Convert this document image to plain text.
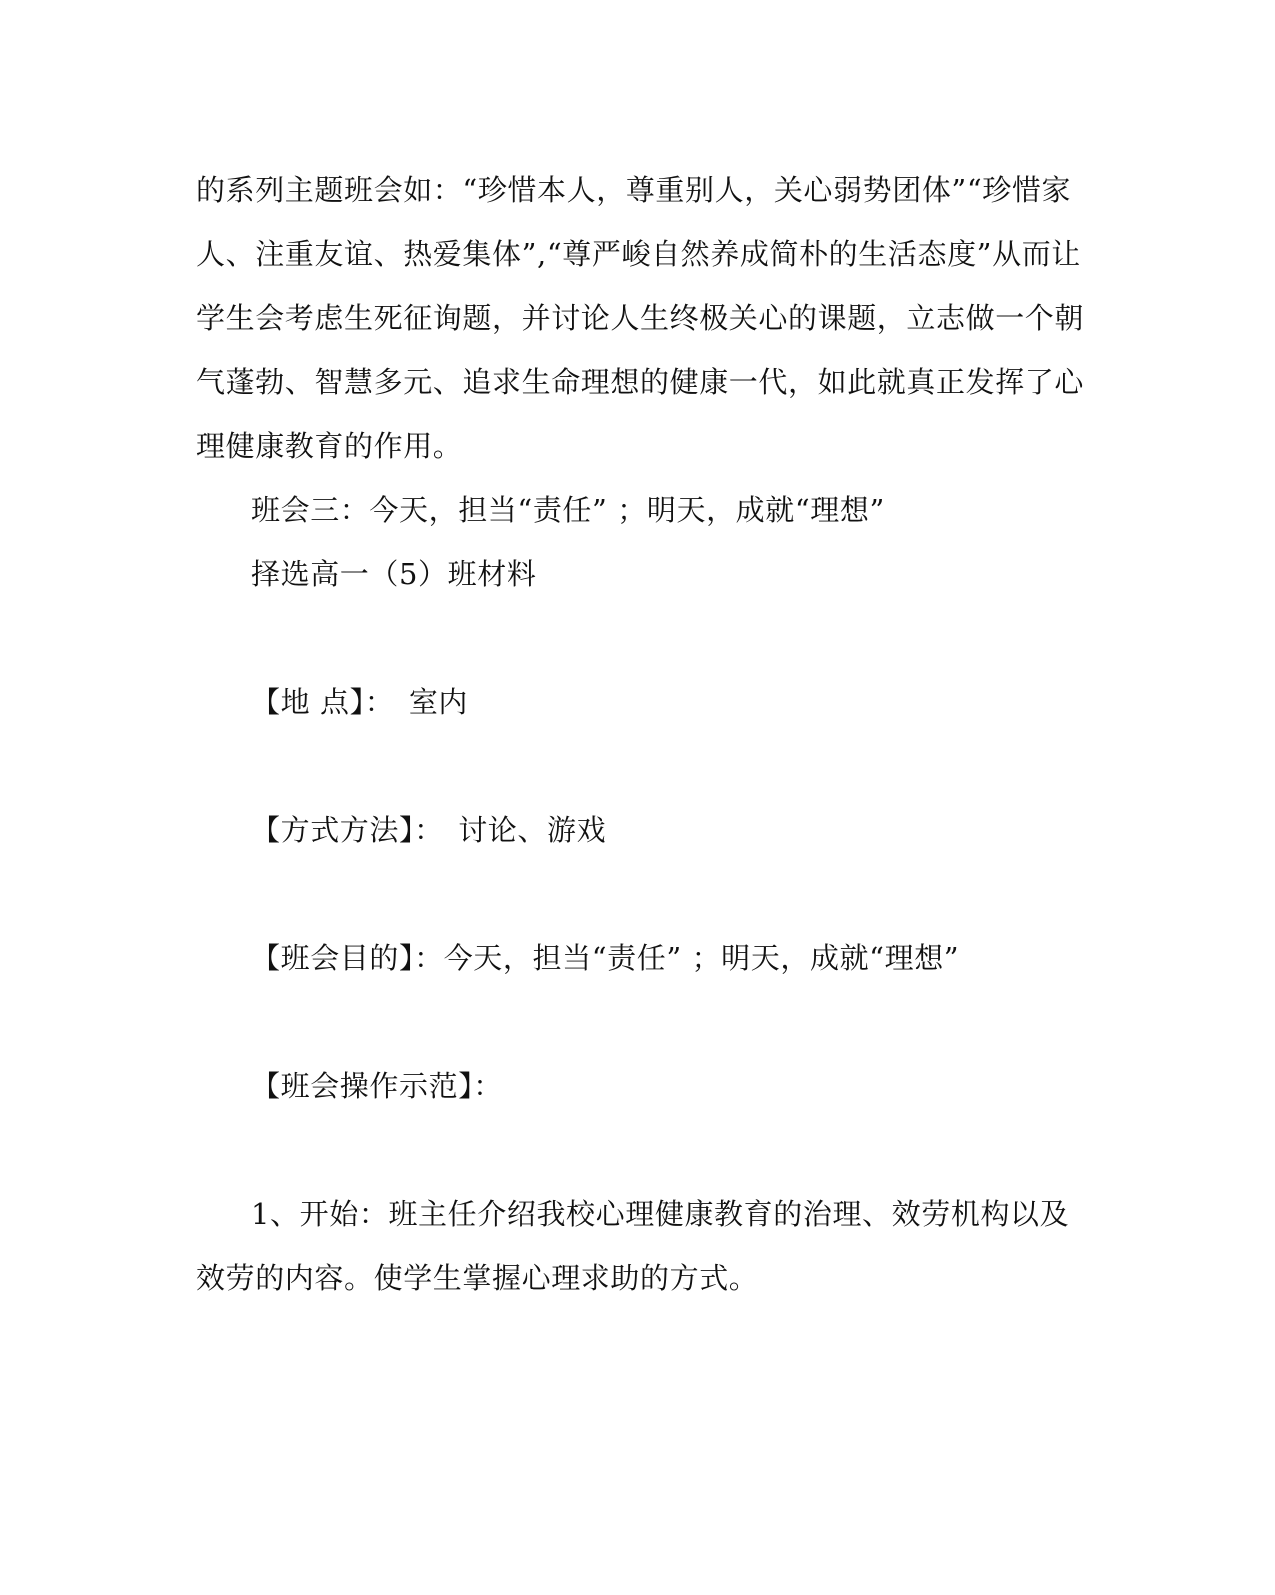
的系列主题班会如：“珍惜本人，尊重别人，关心弱势团体”“珍惜家
人、注重友谊、热爱集体”,“尊严峻自然养成简朴的生活态度”从而让
学生会考虑生死征询题，并讨论人生终极关心的课题，立志做一个朝
气蓬勃、智慧多元、追求生命理想的健康一代，如此就真正发挥了心
理健康教育的作用。
班会三：今天，担当“责任” ；明天，成就“理想”
择选高一（5）班材料
【地 点】： 室内
【方式方法】： 讨论、游戏
【班会目的】：今天，担当“责任” ；明天，成就“理想”
【班会操作示范】：
1、开始：班主任介绍我校心理健康教育的治理、效劳机构以及
效劳的内容。使学生掌握心理求助的方式。
